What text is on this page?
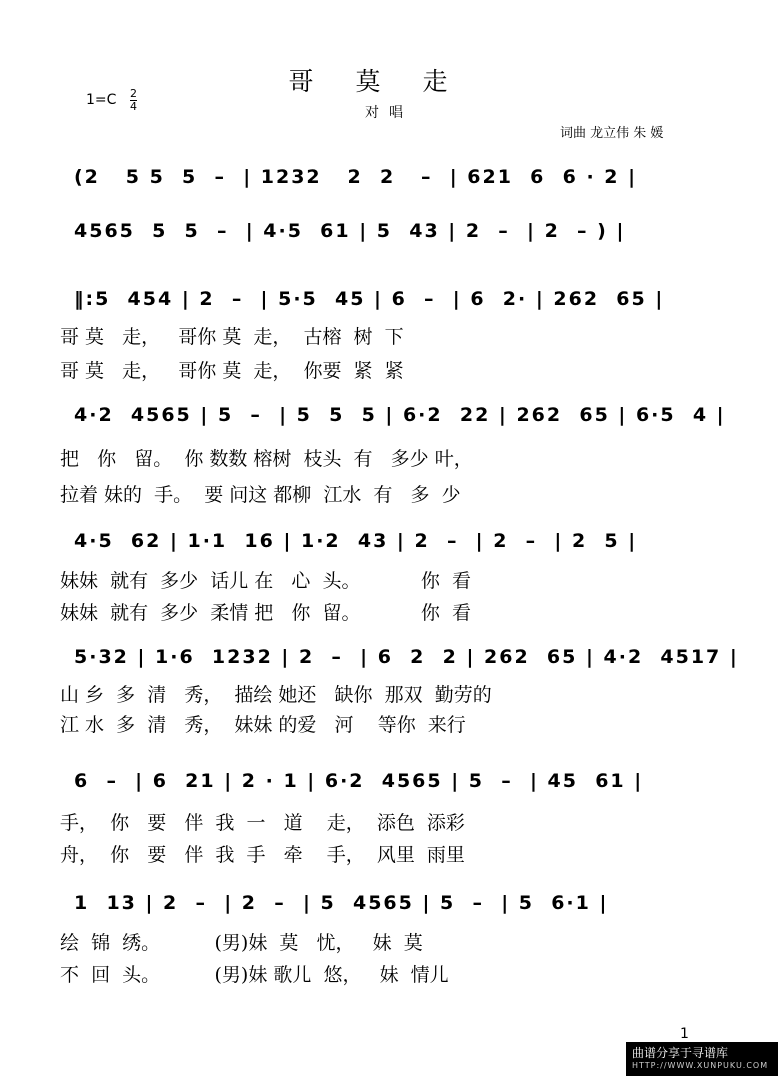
哥莫走
对唱
1=C 2
4
词曲 龙立伟 朱 媛
(2   5 5  5  –  | 1232   2  2   –  | 621  6  6 · 2 |
4565  5  5  –  | 4·5  61 | 5  43 | 2  –  | 2  – ) |
‖:5  454 | 2  –  | 5·5  45 | 6  –  | 6  2· | 262  65 |
哥 莫   走，   哥你 莫  走，  古榕  树  下
哥 莫   走，   哥你 莫  走，  你要  紧  紧
4·2  4565 | 5  –  | 5  5  5 | 6·2  22 | 262  65 | 6·5  4 |
把   你   留。  你 数数 榕树  枝头  有   多少 叶，
拉着 妹的  手。  要 问这 都柳  江水  有   多  少
4·5  62 | 1·1  16 | 1·2  43 | 2  –  | 2  –  | 2  5 |
妹妹  就有  多少  话儿 在   心  头。          你  看
妹妹  就有  多少  柔情 把   你  留。          你  看
5·32 | 1·6  1232 | 2  –  | 6  2  2 | 262  65 | 4·2  4517 |
山 乡  多  清   秀，  描绘 她还   缺你  那双  勤劳的
江 水  多  清   秀，  妹妹 的爱   河    等你  来行
6  –  | 6  21 | 2 · 1 | 6·2  4565 | 5  –  | 45  61 |
手，  你   要   伴  我  一   道    走，  添色  添彩
舟，  你   要   伴  我  手   牵    手，  风里  雨里
1  13 | 2  –  | 2  –  | 5  4565 | 5  –  | 5  6·1 |
绘  锦  绣。         (男)妹  莫   忧，   妹  莫
不  回  头。         (男)妹 歌儿  悠，   妹  情儿
1
曲谱分享于寻谱库
HTTP://WWW.XUNPUKU.COM
